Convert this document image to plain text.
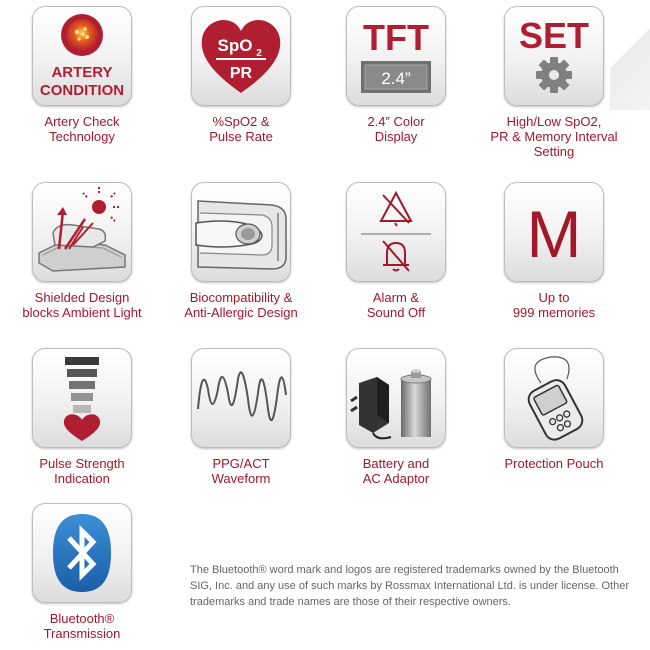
ARTERY
CONDITION
Artery Check
Technology
SpO 2
PR
%SpO2 &
Pulse Rate
TFT
2.4”
2.4” Color
Display
SET
High/Low SpO2,
PR & Memory Interval
Setting
Shielded Design
blocks Ambient Light
Biocompatibility &
Anti-Allergic Design
Alarm &
Sound Off
M
Up to
999 memories
Pulse Strength
Indication
PPG/ACT
Waveform
Battery and
AC Adaptor
Protection Pouch
Bluetooth®
Transmission
The Bluetooth® word mark and logos are registered trademarks owned by the Bluetooth SIG, Inc. and any use of such marks by Rossmax International Ltd. is under license. Other trademarks and trade names are those of their respective owners.
